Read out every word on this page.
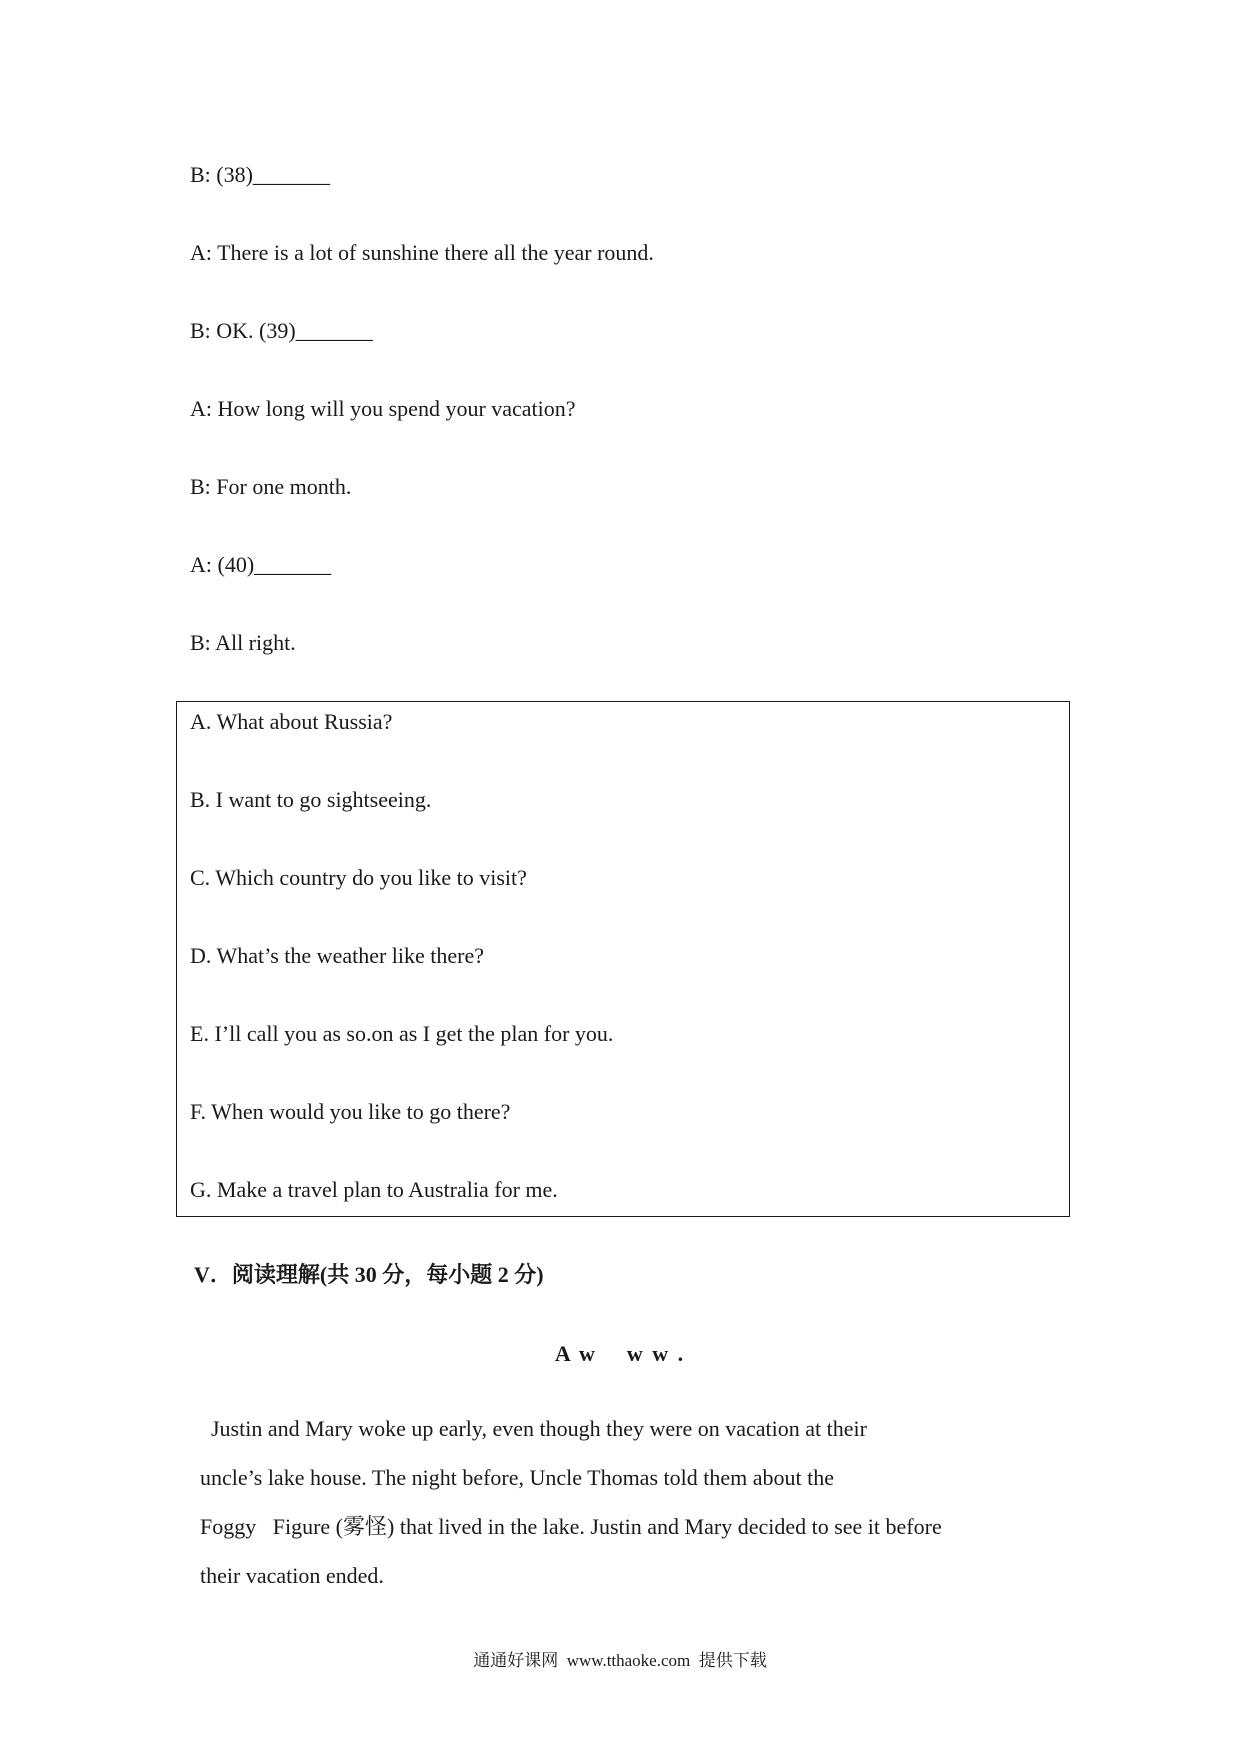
B: (38)_______
A: There is a lot of sunshine there all the year round.
B: OK. (39)_______
A: How long will you spend your vacation?
B: For one month.
A: (40)_______
B: All right.
A. What about Russia?
B. I want to go sightseeing.
C. Which country do you like to visit?
D. What’s the weather like there?
E. I’ll call you as so.on as I get the plan for you.
F. When would you like to go there?
G. Make a travel plan to Australia for me.
V．阅读理解(共 30 分，每小题 2 分)
A w    w w .
Justin and Mary woke up early, even though they were on vacation at their
uncle’s lake house. The night before, Uncle Thomas told them about the
Foggy   Figure (雾怪) that lived in the lake. Justin and Mary decided to see it before
their vacation ended.
通通好课网  www.tthaoke.com  提供下载
